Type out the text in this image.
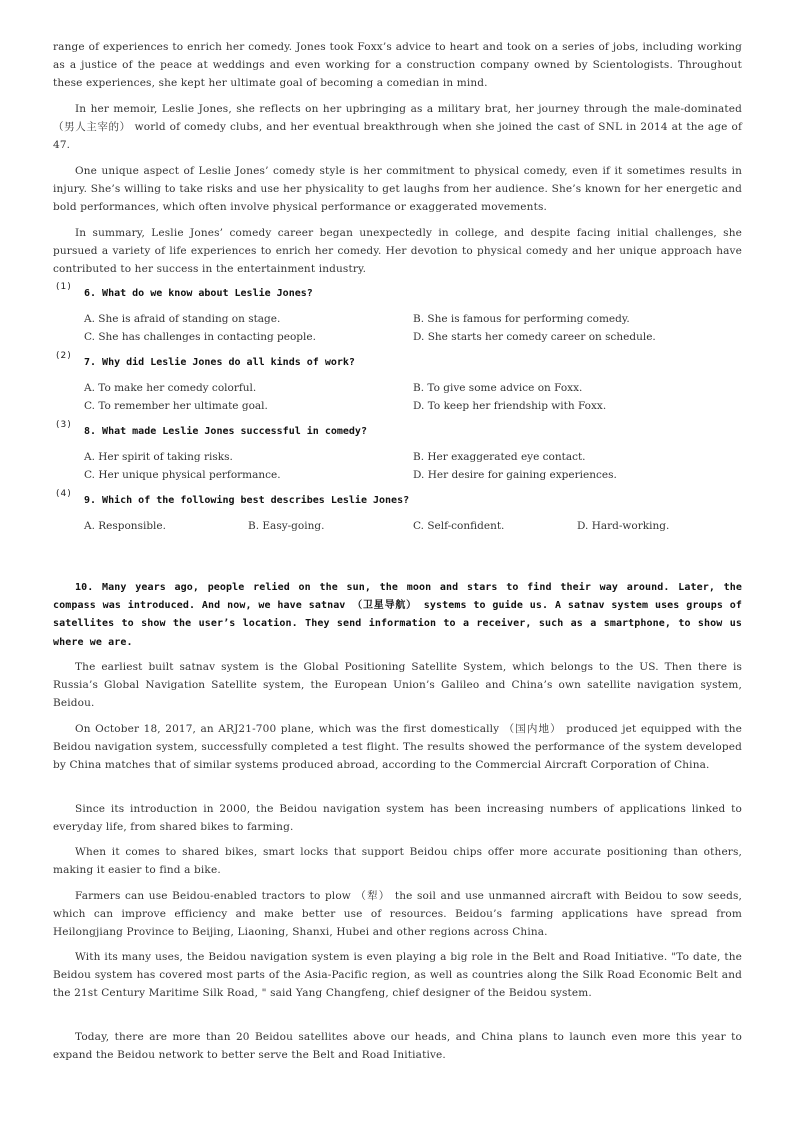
range of experiences to enrich her comedy. Jones took Foxx’s advice to heart and took on a series of jobs, including working as a justice of the peace at weddings and even working for a construction company owned by Scientologists. Throughout these experiences, she kept her ultimate goal of becoming a comedian in mind.

In her memoir, Leslie Jones, she reflects on her upbringing as a military brat, her journey through the male-dominated （男人主宰的） world of comedy clubs, and her eventual breakthrough when she joined the cast of SNL in 2014 at the age of 47.

One unique aspect of Leslie Jones’ comedy style is her commitment to physical comedy, even if it sometimes results in injury. She’s willing to take risks and use her physicality to get laughs from her audience. She’s known for her energetic and bold performances, which often involve physical performance or exaggerated movements.

In summary, Leslie Jones’ comedy career began unexpectedly in college, and despite facing initial challenges, she pursued a variety of life experiences to enrich her comedy. Her devotion to physical comedy and her unique approach have contributed to her success in the entertainment industry.

(1)
6. What do we know about Leslie Jones?
A. She is afraid of standing on stage.	B. She is famous for performing comedy.
C. She has challenges in contacting people.	D. She starts her comedy career on schedule.
(2)
7. Why did Leslie Jones do all kinds of work?
A. To make her comedy colorful.	B. To give some advice on Foxx.
C. To remember her ultimate goal.	D. To keep her friendship with Foxx.
(3)
8. What made Leslie Jones successful in comedy?
A. Her spirit of taking risks.	B. Her exaggerated eye contact.
C. Her unique physical performance.	D. Her desire for gaining experiences.
(4)
9. Which of the following best describes Leslie Jones?
A. Responsible.	B. Easy-going.	C. Self-confident.	D. Hard-working.

10. Many years ago, people relied on the sun, the moon and stars to find their way around. Later, the compass was introduced. And now, we have satnav （卫星导航） systems to guide us. A satnav system uses groups of satellites to show the user’s location. They send information to a receiver, such as a smartphone, to show us where we are.

The earliest built satnav system is the Global Positioning Satellite System, which belongs to the US. Then there is Russia’s Global Navigation Satellite system, the European Union’s Galileo and China’s own satellite navigation system, Beidou.

On October 18, 2017, an ARJ21-700 plane, which was the first domestically （国内地） produced jet equipped with the Beidou navigation system, successfully completed a test flight. The results showed the performance of the system developed by China matches that of similar systems produced abroad, according to the Commercial Aircraft Corporation of China.

Since its introduction in 2000, the Beidou navigation system has been increasing numbers of applications linked to everyday life, from shared bikes to farming.

When it comes to shared bikes, smart locks that support Beidou chips offer more accurate positioning than others, making it easier to find a bike.

Farmers can use Beidou-enabled tractors to plow （犁） the soil and use unmanned aircraft with Beidou to sow seeds, which can improve efficiency and make better use of resources. Beidou’s farming applications have spread from Heilongjiang Province to Beijing, Liaoning, Shanxi, Hubei and other regions across China.

With its many uses, the Beidou navigation system is even playing a big role in the Belt and Road Initiative. "To date, the Beidou system has covered most parts of the Asia-Pacific region, as well as countries along the Silk Road Economic Belt and the 21st Century Maritime Silk Road, " said Yang Changfeng, chief designer of the Beidou system.

Today, there are more than 20 Beidou satellites above our heads, and China plans to launch even more this year to expand the Beidou network to better serve the Belt and Road Initiative.
